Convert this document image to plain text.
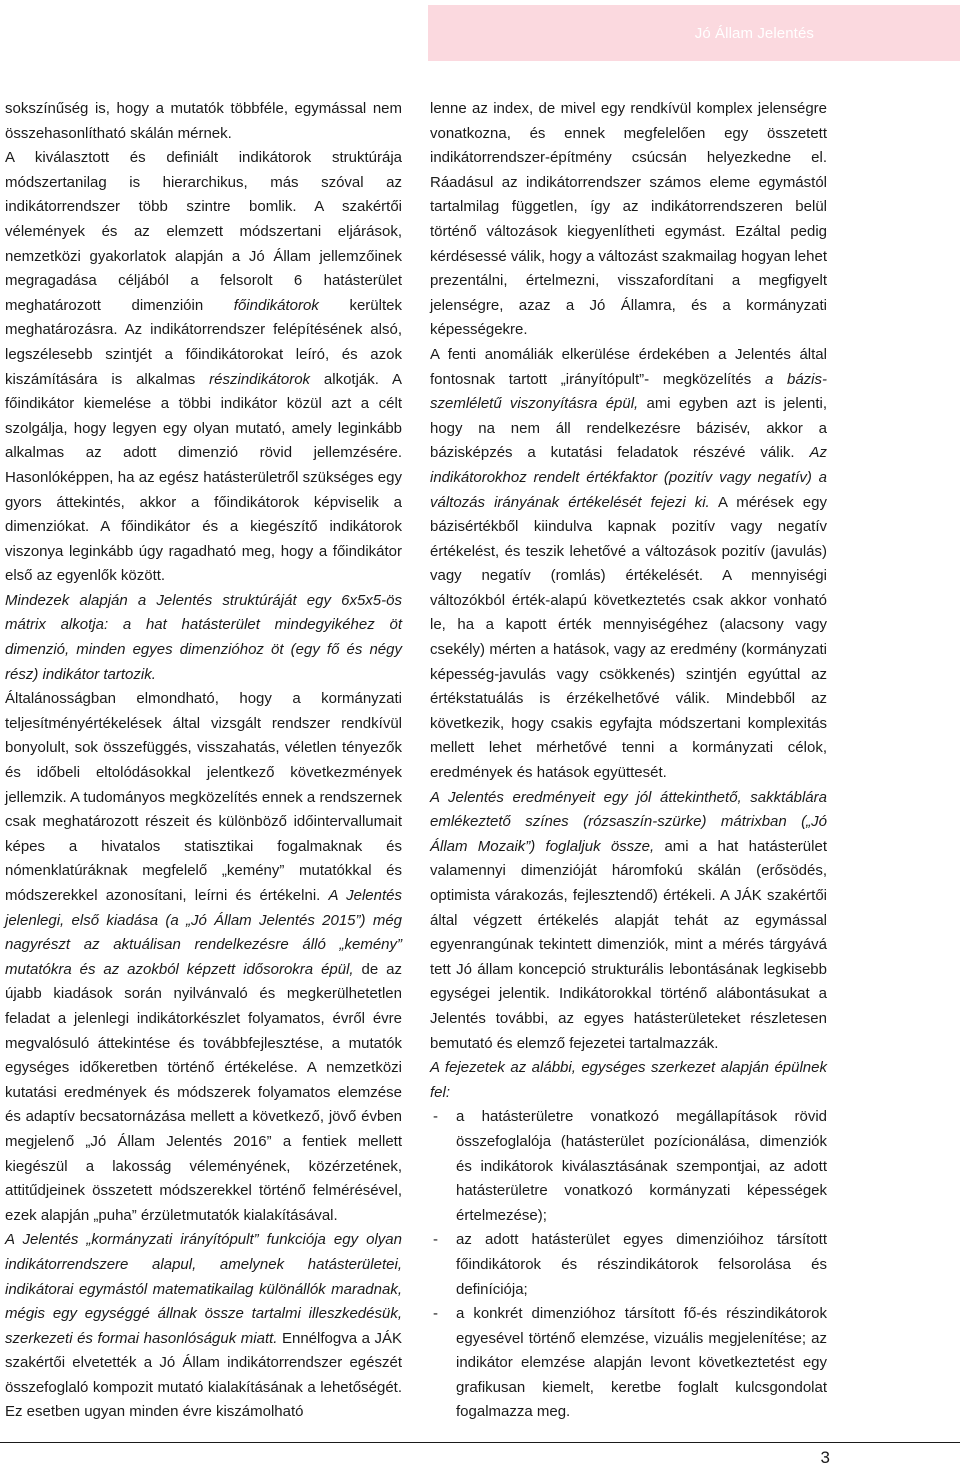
Jó Állam Jelentés

sokszínűség is, hogy a mutatók többféle, egymással nem összehasonlítható skálán mérnek.

A kiválasztott és definiált indikátorok struktúrája módszertanilag is hierarchikus, más szóval az indikátorrendszer több szintre bomlik. A szakértői vélemények és az elemzett módszertani eljárások, nemzetközi gyakorlatok alapján a Jó Állam jellemzőinek megragadása céljából a felsorolt 6 hatásterület meghatározott dimenzióin főindikátorok kerültek meghatározásra. Az indikátorrendszer felépítésének alsó, legszélesebb szintjét a főindikátorokat leíró, és azok kiszámítására is alkalmas részindikátorok alkotják. A főindikátor kiemelése a többi indikátor közül azt a célt szolgálja, hogy legyen egy olyan mutató, amely leginkább alkalmas az adott dimenzió rövid jellemzésére. Hasonlóképpen, ha az egész hatásterületről szükséges egy gyors áttekintés, akkor a főindikátorok képviselik a dimenziókat. A főindikátor és a kiegészítő indikátorok viszonya leginkább úgy ragadható meg, hogy a főindikátor első az egyenlők között.

Mindezek alapján a Jelentés struktúráját egy 6x5x5-ös mátrix alkotja: a hat hatásterület mindegyikéhez öt dimenzió, minden egyes dimenzióhoz öt (egy fő és négy rész) indikátor tartozik.

Általánosságban elmondható, hogy a kormányzati teljesítményértékelések által vizsgált rendszer rendkívül bonyolult, sok összefüggés, visszahatás, véletlen tényezők és időbeli eltolódásokkal jelentkező következmények jellemzik. A tudományos megközelítés ennek a rendszernek csak meghatározott részeit és különböző időintervallumait képes a hivatalos statisztikai fogalmaknak és nómenklatúráknak megfelelő „kemény” mutatókkal és módszerekkel azonosítani, leírni és értékelni. A Jelentés jelenlegi, első kiadása (a „Jó Állam Jelentés 2015”) még nagyrészt az aktuálisan rendelkezésre álló „kemény” mutatókra és az azokból képzett idősorokra épül, de az újabb kiadások során nyilvánvaló és megkerülhetetlen feladat a jelenlegi indikátorkészlet folyamatos, évről évre megvalósuló áttekintése és továbbfejlesztése, a mutatók egységes időkeretben történő értékelése. A nemzetközi kutatási eredmények és módszerek folyamatos elemzése és adaptív becsatornázása mellett a következő, jövő évben megjelenő „Jó Állam Jelentés 2016” a fentiek mellett kiegészül a lakosság véleményének, közérzetének, attitűdjeinek összetett módszerekkel történő felmérésével, ezek alapján „puha” érzületmutatók kialakításával.

A Jelentés „kormányzati irányítópult” funkciója egy olyan indikátorrendszere alapul, amelynek hatásterületei, indikátorai egymástól matematikailag különállók maradnak, mégis egy egységgé állnak össze tartalmi illeszkedésük, szerkezeti és formai hasonlóságuk miatt. Ennélfogva a JÁK szakértői elvetették a Jó Állam indikátorrendszer egészét összefoglaló kompozit mutató kialakításának a lehetőségét. Ez esetben ugyan minden évre kiszámolható

lenne az index, de mivel egy rendkívül komplex jelenségre vonatkozna, és ennek megfelelően egy összetett indikátorrendszer-építmény csúcsán helyezkedne el. Ráadásul az indikátorrendszer számos eleme egymástól tartalmilag független, így az indikátorrendszeren belül történő változások kiegyenlítheti egymást. Ezáltal pedig kérdésessé válik, hogy a változást szakmailag hogyan lehet prezentálni, értelmezni, visszafordítani a megfigyelt jelenségre, azaz a Jó Államra, és a kormányzati képességekre.

A fenti anomáliák elkerülése érdekében a Jelentés által fontosnak tartott „irányítópult”- megközelítés a bázis-szemléletű viszonyításra épül, ami egyben azt is jelenti, hogy na nem áll rendelkezésre bázisév, akkor a bázisképzés a kutatási feladatok részévé válik. Az indikátorokhoz rendelt értékfaktor (pozitív vagy negatív) a változás irányának értékelését fejezi ki. A mérések egy bázisértékből kiindulva kapnak pozitív vagy negatív értékelést, és teszik lehetővé a változások pozitív (javulás) vagy negatív (romlás) értékelését. A mennyiségi változókból érték-alapú következtetés csak akkor vonható le, ha a kapott érték mennyiségéhez (alacsony vagy csekély) mérten a hatások, vagy az eredmény (kormányzati képesség-javulás vagy csökkenés) szintjén egyúttal az értékstatuálás is érzékelhetővé válik. Mindebből az következik, hogy csakis egyfajta módszertani komplexitás mellett lehet mérhetővé tenni a kormányzati célok, eredmények és hatások együttesét.

A Jelentés eredményeit egy jól áttekinthető, sakktáblára emlékeztető színes (rózsaszín-szürke) mátrixban („Jó Állam Mozaik”) foglaljuk össze, ami a hat hatásterület valamennyi dimenzióját háromfokú skálán (erősödés, optimista várakozás, fejlesztendő) értékeli. A JÁK szakértői által végzett értékelés alapját tehát az egymással egyenrangúnak tekintett dimenziók, mint a mérés tárgyává tett Jó állam koncepció strukturális lebontásának legkisebb egységei jelentik. Indikátorokkal történő alábontásukat a Jelentés további, az egyes hatásterületeket részletesen bemutató és elemző fejezetei tartalmazzák.

A fejezetek az alábbi, egységes szerkezet alapján épülnek fel:

- a hatásterületre vonatkozó megállapítások rövid összefoglalója (hatásterület pozícionálása, dimenziók és indikátorok kiválasztásának szempontjai, az adott hatásterületre vonatkozó kormányzati képességek értelmezése);
- az adott hatásterület egyes dimenzióihoz társított főindikátorok és részindikátorok felsorolása és definíciója;
- a konkrét dimenzióhoz társított fő-és részindikátorok egyesével történő elemzése, vizuális megjelenítése; az indikátor elemzése alapján levont következtetést egy grafikusan kiemelt, keretbe foglalt kulcsgondolat fogalmazza meg.
3
